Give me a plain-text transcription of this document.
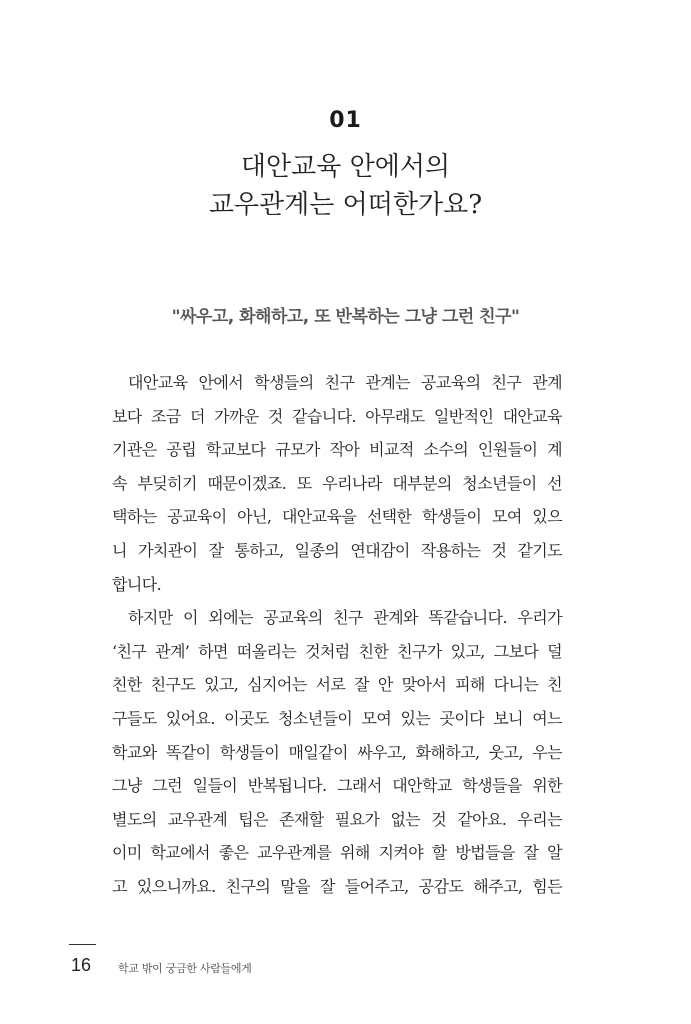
01
대안교육 안에서의
교우관계는 어떠한가요?
"싸우고, 화해하고, 또 반복하는 그냥 그런 친구"
대안교육 안에서 학생들의 친구 관계는 공교육의 친구 관계
보다 조금 더 가까운 것 같습니다. 아무래도 일반적인 대안교육
기관은 공립 학교보다 규모가 작아 비교적 소수의 인원들이 계
속 부딪히기 때문이겠죠. 또 우리나라 대부분의 청소년들이 선
택하는 공교육이 아닌, 대안교육을 선택한 학생들이 모여 있으
니 가치관이 잘 통하고, 일종의 연대감이 작용하는 것 같기도
합니다.
하지만 이 외에는 공교육의 친구 관계와 똑같습니다. 우리가
‘친구 관계’ 하면 떠올리는 것처럼 친한 친구가 있고, 그보다 덜
친한 친구도 있고, 심지어는 서로 잘 안 맞아서 피해 다니는 친
구들도 있어요. 이곳도 청소년들이 모여 있는 곳이다 보니 여느
학교와 똑같이 학생들이 매일같이 싸우고, 화해하고, 웃고, 우는
그냥 그런 일들이 반복됩니다. 그래서 대안학교 학생들을 위한
별도의 교우관계 팁은 존재할 필요가 없는 것 같아요. 우리는
이미 학교에서 좋은 교우관계를 위해 지켜야 할 방법들을 잘 알
고 있으니까요. 친구의 말을 잘 들어주고, 공감도 해주고, 힘든
16 학교 밖이 궁금한 사람들에게
